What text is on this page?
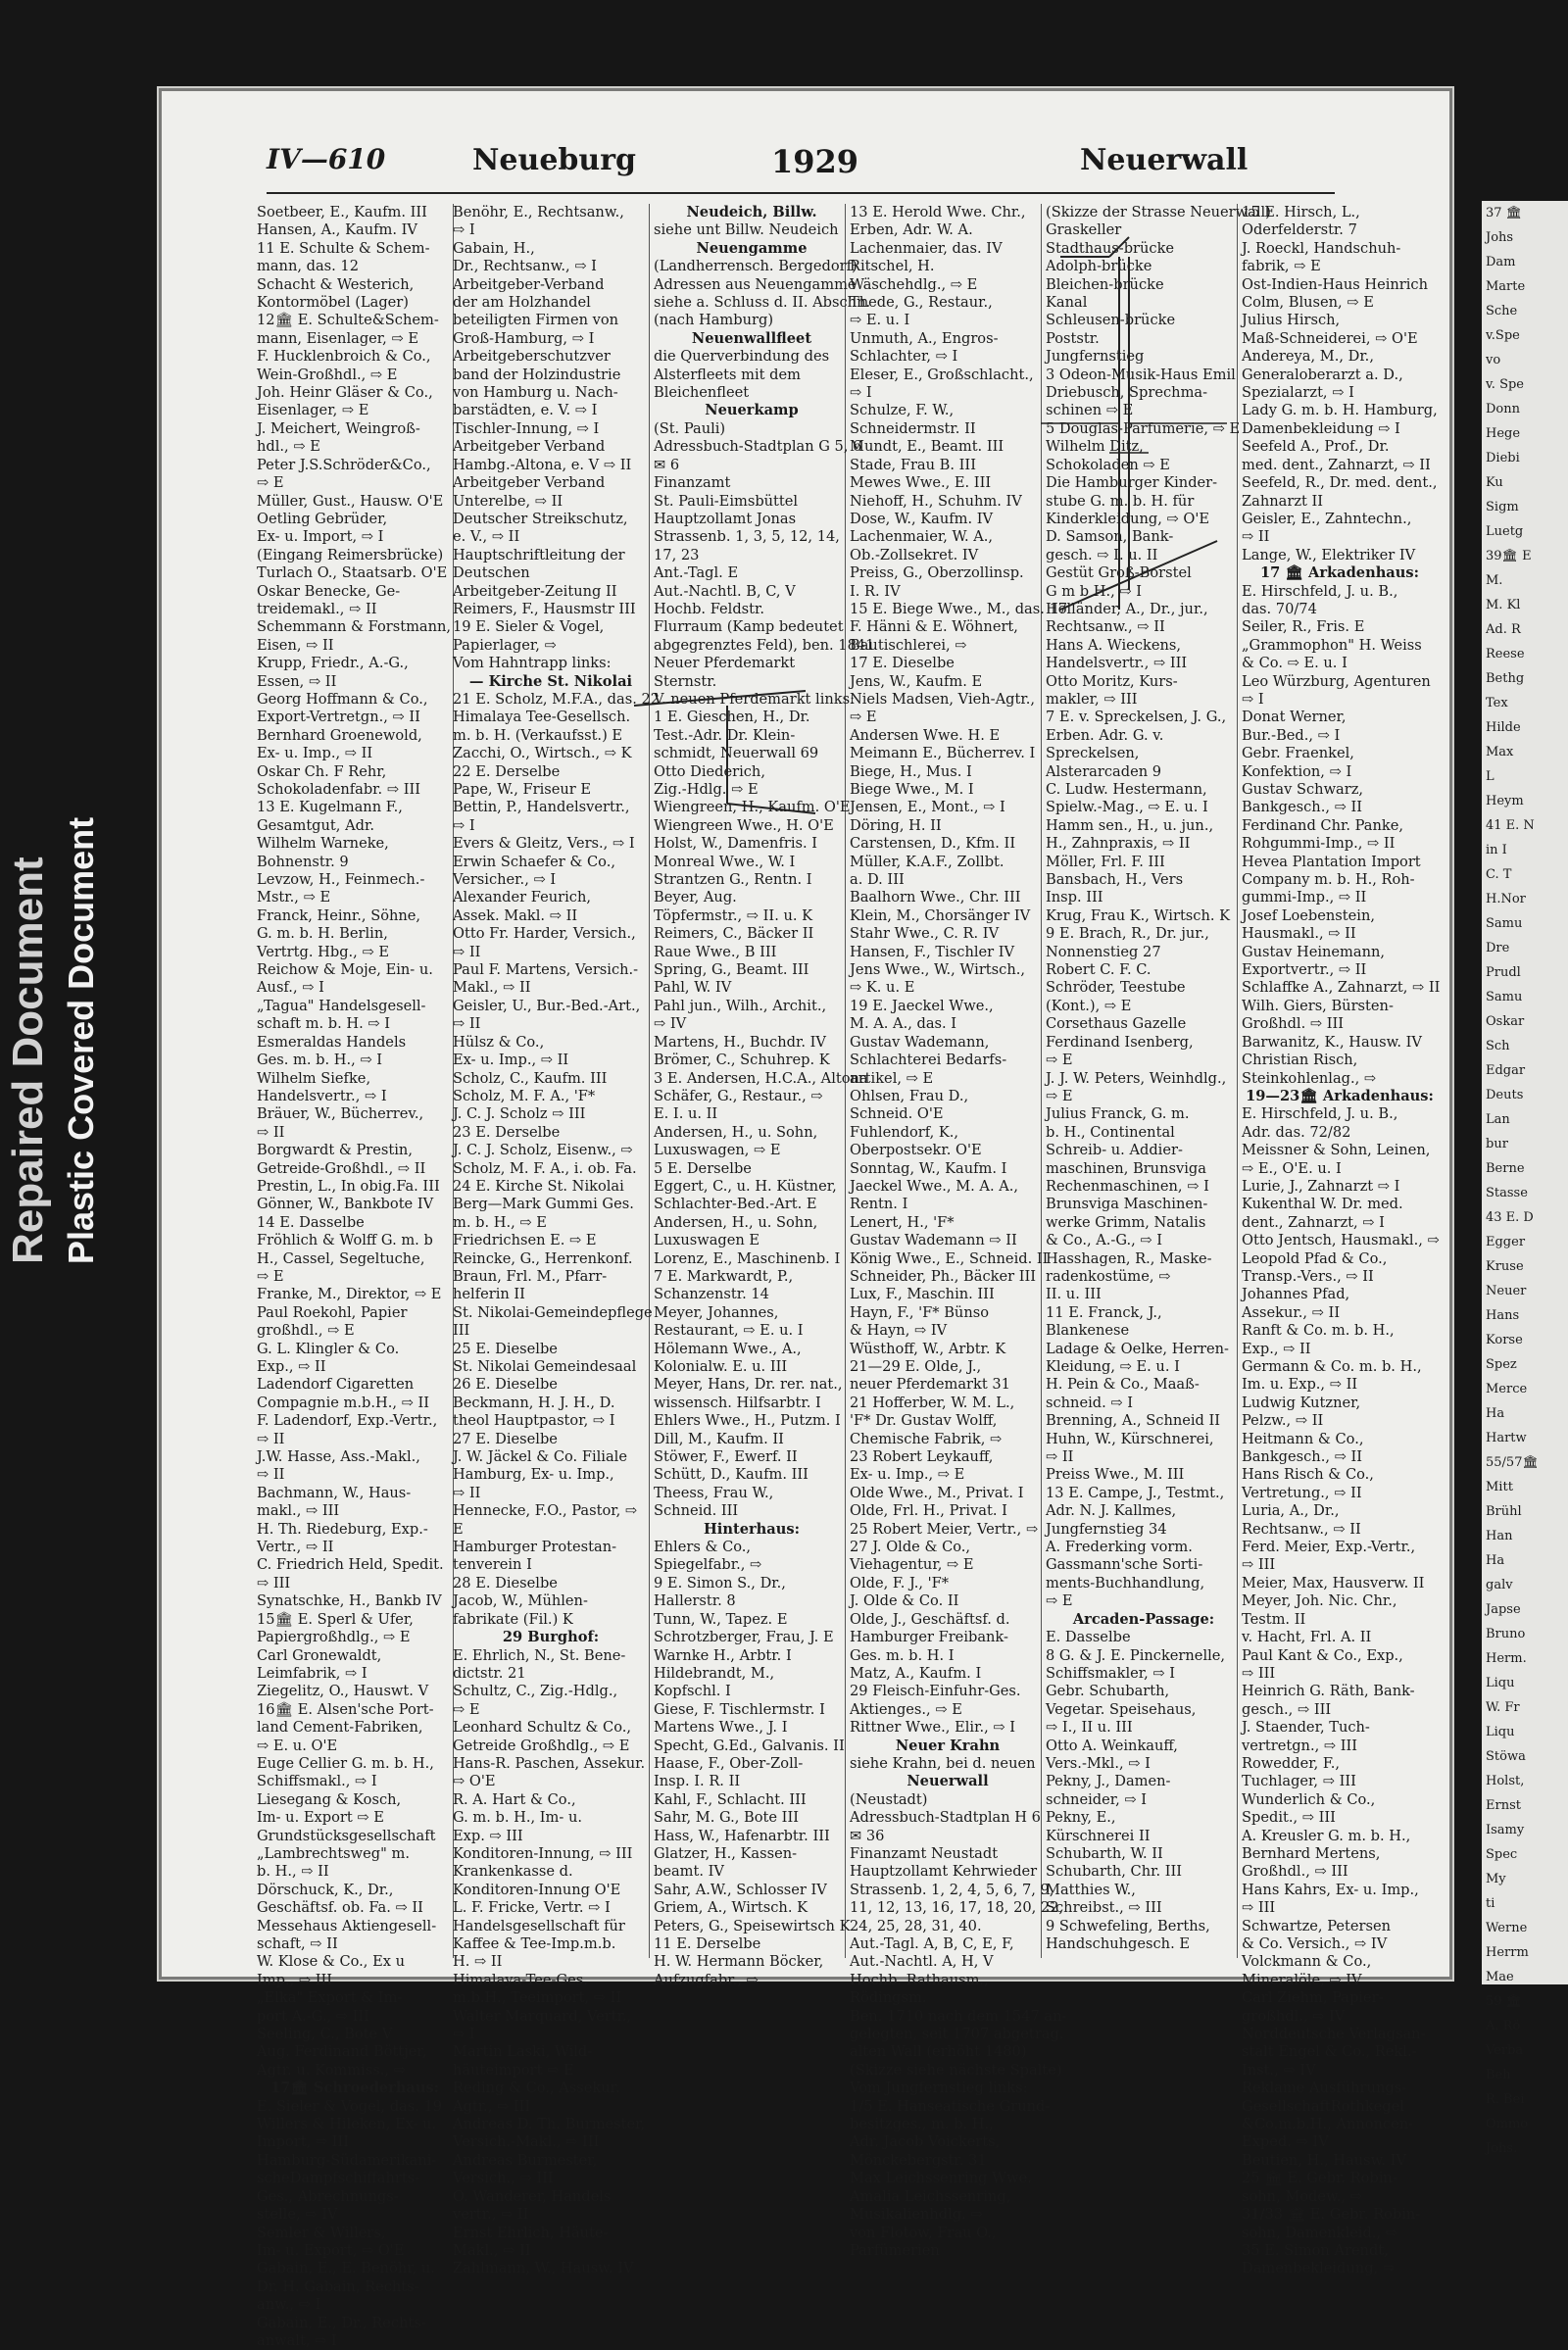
Repaired Document Plastic Covered Document
IV—610	Neueburg	1929	Neuerwall
Soetbeer, E., Kaufm. III
Hansen, A., Kaufm. IV
11 E. Schulte & Schem-
mann, das. 12
Schacht & Westerich,
Kontormöbel (Lager)
12🏛 E. Schulte&Schem-
mann, Eisenlager, ⇨ E
F. Hucklenbroich & Co.,
Wein-Großhdl., ⇨ E
Joh. Heinr Gläser & Co.,
Eisenlager, ⇨ E
J. Meichert, Weingroß-
hdl., ⇨ E
Peter J.S.Schröder&Co.,
⇨ E
Müller, Gust., Hausw. O'E
Oetling Gebrüder,
Ex- u. Import, ⇨ I
(Eingang Reimersbrücke)
Turlach O., Staatsarb. O'E
Oskar Benecke, Ge-
treidemakl., ⇨ II
Schemmann & Forstmann,
Eisen, ⇨ II
Krupp, Friedr., A.-G.,
Essen, ⇨ II
Georg Hoffmann & Co.,
Export-Vertretgn., ⇨ II
Bernhard Groenewold,
Ex- u. Imp., ⇨ II
Oskar Ch. F Rehr,
Schokoladenfabr. ⇨ III
13 E. Kugelmann F.,
Gesamtgut, Adr.
Wilhelm Warneke,
Bohnenstr. 9
Levzow, H., Feinmech.-
Mstr., ⇨ E
Franck, Heinr., Söhne,
G. m. b. H. Berlin,
Vertrtg. Hbg., ⇨ E
Reichow & Moje, Ein- u.
Ausf., ⇨ I
„Tagua" Handelsgesell-
schaft m. b. H. ⇨ I
Esmeraldas Handels
Ges. m. b. H., ⇨ I
Wilhelm Siefke,
Handelsvertr., ⇨ I
Bräuer, W., Bücherrev.,
⇨ II
Borgwardt & Prestin,
Getreide-Großhdl., ⇨ II
Prestin, L., In obig.Fa. III
Gönner, W., Bankbote IV
14 E. Dasselbe
Fröhlich & Wolff G. m. b
H., Cassel, Segeltuche,
⇨ E
Franke, M., Direktor, ⇨ E
Paul Roekohl, Papier
großhdl., ⇨ E
G. L. Klingler & Co.
Exp., ⇨ II
Ladendorf Cigaretten
Compagnie m.b.H., ⇨ II
F. Ladendorf, Exp.-Vertr.,
⇨ II
J.W. Hasse, Ass.-Makl.,
⇨ II
Bachmann, W., Haus-
makl., ⇨ III
H. Th. Riedeburg, Exp.-
Vertr., ⇨ II
C. Friedrich Held, Spedit.
⇨ III
Synatschke, H., Bankb IV
15🏛 E. Sperl & Ufer,
Papiergroßhdlg., ⇨ E
Carl Gronewaldt,
Leimfabrik, ⇨ I
Ziegelitz, O., Hauswt. V
16🏛 E. Alsen'sche Port-
land Cement-Fabriken,
⇨ E. u. O'E
Euge Cellier G. m. b. H.,
Schiffsmakl., ⇨ I
Liesegang & Kosch,
Im- u. Export ⇨ E
Grundstücksgesellschaft
„Lambrechtsweg" m.
b. H., ⇨ II
Dörschuck, K., Dr.,
Geschäftsf. ob. Fa. ⇨ II
Messehaus Aktiengesell-
schaft, ⇨ II
W. Klose & Co., Ex u
Imp., ⇨ III
„Elka" Export & Im-
port A.-G., ⇨ III
Seeling, C., Bote V
Aug. Ferdinand Böttjer,
Agtr. u. Kommiss., ⇨
17🏛 Schroederhaus:
E. Sieler & Vogel, das. 19
Willers & Hileken, Ex- u.
Import, ⇨ III
Hamburg-Südamerikani-
scheDampfschiffahrts-
Ges., Abrechnungs-
stelle, ⇨ IV
Semler & Willers,
Im- u. Export, ⇨ O'E
Gabain, E., E. Benöhr, u.
Dr. H. Gabain, Rechts-
anw., ⇨ I
Gabain, E., Dr., Rechts-
anwalt, ⇨ I
Benöhr, E., Rechtsanw.,
⇨ I
Gabain, H.,
Dr., Rechtsanw., ⇨ I
Arbeitgeber-Verband
der am Holzhandel
beteiligten Firmen von
Groß-Hamburg, ⇨ I
Arbeitgeberschutzver
band der Holzindustrie
von Hamburg u. Nach-
barstädten, e. V. ⇨ I
Tischler-Innung, ⇨ I
Arbeitgeber Verband
Hambg.-Altona, e. V ⇨ II
Arbeitgeber Verband
Unterelbe, ⇨ II
Deutscher Streikschutz,
e. V., ⇨ II
Hauptschriftleitung der
Deutschen
Arbeitgeber-Zeitung II
Reimers, F., Hausmstr III
19 E. Sieler & Vogel,
Papierlager, ⇨
Vom Hahntrapp links:
— Kirche St. Nikolai
21 E. Scholz, M.F.A., das. 22
Himalaya Tee-Gesellsch.
m. b. H. (Verkaufsst.) E
Zacchi, O., Wirtsch., ⇨ K
22 E. Derselbe
Pape, W., Friseur E
Bettin, P., Handelsvertr.,
⇨ I
Evers & Gleitz, Vers., ⇨ I
Erwin Schaefer & Co.,
Versicher., ⇨ I
Alexander Feurich,
Assek. Makl. ⇨ II
Otto Fr. Harder, Versich.,
⇨ II
Paul F. Martens, Versich.-
Makl., ⇨ II
Geisler, U., Bur.-Bed.-Art.,
⇨ II
Hülsz & Co.,
Ex- u. Imp., ⇨ II
Scholz, C., Kaufm. III
Scholz, M. F. A., 'F*
J. C. J. Scholz ⇨ III
23 E. Derselbe
J. C. J. Scholz, Eisenw., ⇨
Scholz, M. F. A., i. ob. Fa.
24 E. Kirche St. Nikolai
Berg—Mark Gummi Ges.
m. b. H., ⇨ E
Friedrichsen E. ⇨ E
Reincke, G., Herrenkonf.
Braun, Frl. M., Pfarr-
helferin II
St. Nikolai-Gemeindepflege
III
25 E. Dieselbe
St. Nikolai Gemeindesaal
26 E. Dieselbe
Beckmann, H. J. H., D.
theol Hauptpastor, ⇨ I
27 E. Dieselbe
J. W. Jäckel & Co. Filiale
Hamburg, Ex- u. Imp.,
⇨ II
Hennecke, F.O., Pastor, ⇨
E
Hamburger Protestan-
tenverein I
28 E. Dieselbe
Jacob, W., Mühlen-
fabrikate (Fil.) K
29 Burghof:
E. Ehrlich, N., St. Bene-
dictstr. 21
Schultz, C., Zig.-Hdlg.,
⇨ E
Leonhard Schultz & Co.,
Getreide Großhdlg., ⇨ E
Hans-R. Paschen, Assekur.
⇨ O'E
R. A. Hart & Co.,
G. m. b. H., Im- u.
Exp. ⇨ III
Konditoren-Innung, ⇨ III
Krankenkasse d.
Konditoren-Innung O'E
L. F. Fricke, Vertr. ⇨ I
Handelsgesellschaft für
Kaffee & Tee-Imp.m.b.
H. ⇨ II
Himalaya-Tee-Ges.
m.b.H., Teeimport, ⇨ II
Walter Marquard, Vertr.,
⇨ I
Martin Laski, Wild-
häuteimport ⇨ E
Reding & Co., Assekur.
Agtr., ⇨ III
Andreas D. Th. Burmester,
Versich.-Makl., ⇨ III
Andreas Burmester,
Versich., ⇨ III
O. Wanderer, Handels
vertr., ⇨ II
Ernst Ehrlich, Häute-
Makl., ⇨ II
Zahlmann, W., Hausw. IV
Neudeich, Billw.
siehe unt Billw. Neudeich
Neuengamme
(Landherrensch. Bergedorf)
Adressen aus Neuengamme
siehe a. Schluss d. II. Abschn.
(nach Hamburg)
Neuenwallfleet
die Querverbindung des
Alsterfleets mit dem
Bleichenfleet
Neuerkamp
(St. Pauli)
Adressbuch-Stadtplan G 5, 6
✉ 6
Finanzamt
St. Pauli-Eimsbüttel
Hauptzollamt Jonas
Strassenb. 1, 3, 5, 12, 14,
17, 23
Ant.-Tagl. E
Aut.-Nachtl. B, C, V
Hochb. Feldstr.
Flurraum (Kamp bedeutet
abgegrenztes Feld), ben. 1841
Neuer Pferdemarkt
Sternstr.
V. neuen Pferdemarkt links:
1 E. Gieschen, H., Dr.
Test.-Adr. Dr. Klein-
schmidt, Neuerwall 69
Otto Diederich,
Zig.-Hdlg. ⇨ E
Wiengreen, H., Kaufm. O'E
Wiengreen Wwe., H. O'E
Holst, W., Damenfris. I
Monreal Wwe., W. I
Strantzen G., Rentn. I
Beyer, Aug.
Töpfermstr., ⇨ II. u. K
Reimers, C., Bäcker II
Raue Wwe., B III
Spring, G., Beamt. III
Pahl, W. IV
Pahl jun., Wilh., Archit.,
⇨ IV
Martens, H., Buchdr. IV
Brömer, C., Schuhrep. K
3 E. Andersen, H.C.A., Altona
Schäfer, G., Restaur., ⇨
E. I. u. II
Andersen, H., u. Sohn,
Luxuswagen, ⇨ E
5 E. Derselbe
Eggert, C., u. H. Küstner,
Schlachter-Bed.-Art. E
Andersen, H., u. Sohn,
Luxuswagen E
Lorenz, E., Maschinenb. I
7 E. Markwardt, P.,
Schanzenstr. 14
Meyer, Johannes,
Restaurant, ⇨ E. u. I
Hölemann Wwe., A.,
Kolonialw. E. u. III
Meyer, Hans, Dr. rer. nat.,
wissensch. Hilfsarbtr. I
Ehlers Wwe., H., Putzm. I
Dill, M., Kaufm. II
Stöwer, F., Ewerf. II
Schütt, D., Kaufm. III
Theess, Frau W.,
Schneid. III
Hinterhaus:
Ehlers & Co.,
Spiegelfabr., ⇨
9 E. Simon S., Dr.,
Hallerstr. 8
Tunn, W., Tapez. E
Schrotzberger, Frau, J. E
Warnke H., Arbtr. I
Hildebrandt, M.,
Kopfschl. I
Giese, F. Tischlermstr. I
Martens Wwe., J. I
Specht, G.Ed., Galvanis. II
Haase, F., Ober-Zoll-
Insp. I. R. II
Kahl, F., Schlacht. III
Sahr, M. G., Bote III
Hass, W., Hafenarbtr. III
Glatzer, H., Kassen-
beamt. IV
Sahr, A.W., Schlosser IV
Griem, A., Wirtsch. K
Peters, G., Speisewirtsch K
11 E. Derselbe
H. W. Hermann Böcker,
Aufzugfabr., ⇨
13 E. Herold Wwe. Chr.,
Erben, Adr. W. A.
Lachenmaier, das. IV
Ritschel, H.
Wäschehdlg., ⇨ E
Thede, G., Restaur.,
⇨ E. u. I
Unmuth, A., Engros-
Schlachter, ⇨ I
Eleser, E., Großschlacht.,
⇨ I
Schulze, F. W.,
Schneidermstr. II
Mundt, E., Beamt. III
Stade, Frau B. III
Mewes Wwe., E. III
Niehoff, H., Schuhm. IV
Dose, W., Kaufm. IV
Lachenmaier, W. A.,
Ob.-Zollsekret. IV
Preiss, G., Oberzollinsp.
I. R. IV
15 E. Biege Wwe., M., das. 17
F. Hänni & E. Wöhnert,
Bautischlerei, ⇨
17 E. Dieselbe
Jens, W., Kaufm. E
Niels Madsen, Vieh-Agtr.,
⇨ E
Andersen Wwe. H. E
Meimann E., Bücherrev. I
Biege, H., Mus. I
Biege Wwe., M. I
Jensen, E., Mont., ⇨ I
Döring, H. II
Carstensen, D., Kfm. II
Müller, K.A.F., Zollbt.
a. D. III
Baalhorn Wwe., Chr. III
Klein, M., Chorsänger IV
Stahr Wwe., C. R. IV
Hansen, F., Tischler IV
Jens Wwe., W., Wirtsch.,
⇨ K. u. E
19 E. Jaeckel Wwe.,
M. A. A., das. I
Gustav Wademann,
Schlachterei Bedarfs-
artikel, ⇨ E
Ohlsen, Frau D.,
Schneid. O'E
Fuhlendorf, K.,
Oberpostsekr. O'E
Sonntag, W., Kaufm. I
Jaeckel Wwe., M. A. A.,
Rentn. I
Lenert, H., 'F*
Gustav Wademann ⇨ II
König Wwe., E., Schneid. II
Schneider, Ph., Bäcker III
Lux, F., Maschin. III
Hayn, F., 'F* Bünso
& Hayn, ⇨ IV
Wüsthoff, W., Arbtr. K
21—29 E. Olde, J.,
neuer Pferdemarkt 31
21 Hofferber, W. M. L.,
'F* Dr. Gustav Wolff,
Chemische Fabrik, ⇨
23 Robert Leykauff,
Ex- u. Imp., ⇨ E
Olde Wwe., M., Privat. I
Olde, Frl. H., Privat. I
25 Robert Meier, Vertr., ⇨
27 J. Olde & Co.,
Viehagentur, ⇨ E
Olde, F. J., 'F*
J. Olde & Co. II
Olde, J., Geschäftsf. d.
Hamburger Freibank-
Ges. m. b. H. I
Matz, A., Kaufm. I
29 Fleisch-Einfuhr-Ges.
Aktienges., ⇨ E
Rittner Wwe., Elir., ⇨ I
Neuer Krahn
siehe Krahn, bei d. neuen
Neuerwall
(Neustadt)
Adressbuch-Stadtplan H 6
✉ 36
Finanzamt Neustadt
Hauptzollamt Kehrwieder
Strassenb. 1, 2, 4, 5, 6, 7, 9,
11, 12, 13, 16, 17, 18, 20, 22,
24, 25, 28, 31, 40.
Aut.-Tagl. A, B, C, E, F,
Aut.-Nachtl. A, H, V
Hochb. Rathausm.,
Rödingsm.
Ben. 1710 nach dem 1547 an-
gelegten, seit 1707 abgetrag.
alten Wall (erhöht 1480)
(Skizze siehe nächste Spalte)
Vom Jungfernstieg links:
1/5 E. Hanseatische Grund-
besitzges., m. b. H.,
Adr. Jacob Voickerts,
Mönckebergstr. 31
Max Leichssenring Wwe.
Amalia Leichssenring,
Musikalienhdlg. ⇨
von Flotow, Frau O.,
Parfümerien
(Skizze der Strasse Neuerwall)
Graskeller
Stadthaus-brücke
Adolph-brücke
Bleichen-brücke
Kanal
Schleusen-brücke
Poststr.
Jungfernstieg
3 Odeon-Musik-Haus Emil
Driebusch, Sprechma-
schinen ⇨ E
5 Douglas-Parfumerie, ⇨ E
Wilhelm Ditz,
Schokoladen ⇨ E
Die Hamburger Kinder-
stube G. m. b. H. für
Kinderkleidung, ⇨ O'E
D. Samson, Bank-
gesch. ⇨ I. u. II
Gestüt Groß-Borstel
G m b H., ⇨ I
Holländer, A., Dr., jur.,
Rechtsanw., ⇨ II
Hans A. Wieckens,
Handelsvertr., ⇨ III
Otto Moritz, Kurs-
makler, ⇨ III
7 E. v. Spreckelsen, J. G.,
Erben. Adr. G. v.
Spreckelsen,
Alsterarcaden 9
C. Ludw. Hestermann,
Spielw.-Mag., ⇨ E. u. I
Hamm sen., H., u. jun.,
H., Zahnpraxis, ⇨ II
Möller, Frl. F. III
Bansbach, H., Vers
Insp. III
Krug, Frau K., Wirtsch. K
9 E. Brach, R., Dr. jur.,
Nonnenstieg 27
Robert C. F. C.
Schröder, Teestube
(Kont.), ⇨ E
Corsethaus Gazelle
Ferdinand Isenberg,
⇨ E
J. J. W. Peters, Weinhdlg.,
⇨ E
Julius Franck, G. m.
b. H., Continental
Schreib- u. Addier-
maschinen, Brunsviga
Rechenmaschinen, ⇨ I
Brunsviga Maschinen-
werke Grimm, Natalis
& Co., A.-G., ⇨ I
Hasshagen, R., Maske-
radenkostüme, ⇨
II. u. III
11 E. Franck, J.,
Blankenese
Ladage & Oelke, Herren-
Kleidung, ⇨ E. u. I
H. Pein & Co., Maaß-
schneid. ⇨ I
Brenning, A., Schneid II
Huhn, W., Kürschnerei,
⇨ II
Preiss Wwe., M. III
13 E. Campe, J., Testmt.,
Adr. N. J. Kallmes,
Jungfernstieg 34
A. Frederking vorm.
Gassmann'sche Sorti-
ments-Buchhandlung,
⇨ E
Arcaden-Passage:
E. Dasselbe
8 G. & J. E. Pinckernelle,
Schiffsmakler, ⇨ I
Gebr. Schubarth,
Vegetar. Speisehaus,
⇨ I., II u. III
Otto A. Weinkauff,
Vers.-Mkl., ⇨ I
Pekny, J., Damen-
schneider, ⇨ I
Pekny, E.,
Kürschnerei II
Schubarth, W. II
Schubarth, Chr. III
Matthies W.,
Schreibst., ⇨ III
9 Schwefeling, Berths,
Handschuhgesch. E
15 E. Hirsch, L.,
Oderfelderstr. 7
J. Roeckl, Handschuh-
fabrik, ⇨ E
Ost-Indien-Haus Heinrich
Colm, Blusen, ⇨ E
Julius Hirsch,
Maß-Schneiderei, ⇨ O'E
Andereya, M., Dr.,
Generaloberarzt a. D.,
Spezialarzt, ⇨ I
Lady G. m. b. H. Hamburg,
Damenbekleidung ⇨ I
Seefeld A., Prof., Dr.
med. dent., Zahnarzt, ⇨ II
Seefeld, R., Dr. med. dent.,
Zahnarzt II
Geisler, E., Zahntechn.,
⇨ II
Lange, W., Elektriker IV
17 🏛 Arkadenhaus:
E. Hirschfeld, J. u. B.,
das. 70/74
Seiler, R., Fris. E
„Grammophon" H. Weiss
& Co. ⇨ E. u. I
Leo Würzburg, Agenturen
⇨ I
Donat Werner,
Bur.-Bed., ⇨ I
Gebr. Fraenkel,
Konfektion, ⇨ I
Gustav Schwarz,
Bankgesch., ⇨ II
Ferdinand Chr. Panke,
Rohgummi-Imp., ⇨ II
Hevea Plantation Import
Company m. b. H., Roh-
gummi-Imp., ⇨ II
Josef Loebenstein,
Hausmakl., ⇨ II
Gustav Heinemann,
Exportvertr., ⇨ II
Schlaffke A., Zahnarzt, ⇨ II
Wilh. Giers, Bürsten-
Großhdl. ⇨ III
Barwanitz, K., Hausw. IV
Christian Risch,
Steinkohlenlag., ⇨
19—23🏛 Arkadenhaus:
E. Hirschfeld, J. u. B.,
Adr. das. 72/82
Meissner & Sohn, Leinen,
⇨ E., O'E. u. I
Lurie, J., Zahnarzt ⇨ I
Kukenthal W. Dr. med.
dent., Zahnarzt, ⇨ I
Otto Jentsch, Hausmakl., ⇨
Leopold Pfad & Co.,
Transp.-Vers., ⇨ II
Johannes Pfad,
Assekur., ⇨ II
Ranft & Co. m. b. H.,
Exp., ⇨ II
Germann & Co. m. b. H.,
Im. u. Exp., ⇨ II
Ludwig Kutzner,
Pelzw., ⇨ II
Heitmann & Co.,
Bankgesch., ⇨ II
Hans Risch & Co.,
Vertretung., ⇨ II
Luria, A., Dr.,
Rechtsanw., ⇨ II
Ferd. Meier, Exp.-Vertr.,
⇨ III
Meier, Max, Hausverw. II
Meyer, Joh. Nic. Chr.,
Testm. II
v. Hacht, Frl. A. II
Paul Kant & Co., Exp.,
⇨ III
Heinrich G. Räth, Bank-
gesch., ⇨ III
J. Staender, Tuch-
vertretgn., ⇨ III
Rowedder, F.,
Tuchlager, ⇨ III
Wunderlich & Co.,
Spedit., ⇨ III
A. Kreusler G. m. b. H.,
Bernhard Mertens,
Großhdl., ⇨ III
Hans Kahrs, Ex- u. Imp.,
⇨ III
Schwartze, Petersen
& Co. Versich., ⇨ IV
Volckmann & Co.,
Mineralöle, ⇨ IV
Carl Ziehm, Papier-
großhdl., ⇨ IV
Norddeutsche Verlagsan-
stalt Engel & Co., Rekl.-
Inst., ⇨ IV
Reklame Ausführungs-
GesellschaftRothkegel
&Co.m.b.H., Annoncen-
Exped. ⇨ IV
Beutien, H., Hausw. IV
25 🏛 E. Gebr. Robin-
sohn, Modew., ⇨
31/33 🏛 E. Gebr. Robin-
sohn, Damenkleid., ⇨
35 E. Simon Arendt,
Damenbekleidung, ⇨
37 🏛
Johs
Dam
Marte
Sche
v.Spe
vo
v. Spe
Donn
Hege
Diebi
Ku
Sigm
Luetg
39🏛 E
M.
M. Kl
Ad. R
Reese
Bethg
Tex
Hilde
Max
L
Heym
41 E. N
in I
C. T
H.Nor
Samu
Dre
Prudl
Samu
Oskar
Sch
Edgar
Deuts
Lan
bur
Berne
Stasse
43 E. D
Egger
Kruse
Neuer
Hans
Korse
Spez
Merce
Ha
Hartw
55/57🏛
Mitt
Brühl
Han
Ha
galv
Japse
Bruno
Herm.
Liqu
W. Fr
Liqu
Stöwa
Holst,
Ernst
Isamy
Spec
My
ti
Werne
Herrm
Mae
59 🏛
A. Rö
Verba
Beh
R. Bei
Ommo
Johs.
